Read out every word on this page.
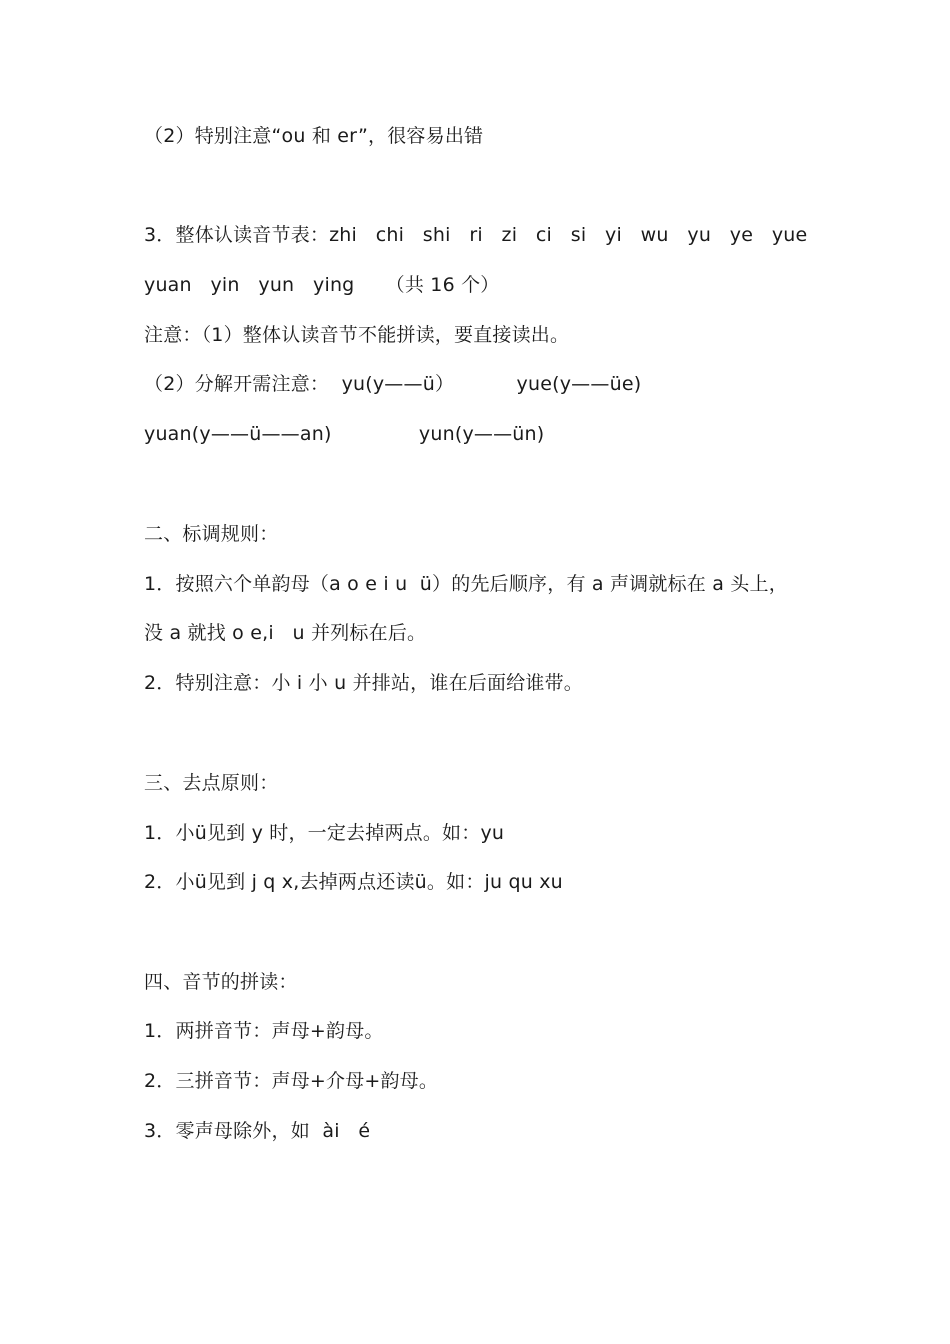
（2）特别注意“ou 和 er”，很容易出错
3．整体认读音节表：zhi   chi   shi   ri   zi   ci   si   yi   wu   yu   ye   yue
yuan   yin   yun   ying     （共 16 个）
注意：（1）整体认读音节不能拼读，要直接读出。
（2）分解开需注意：  yu(y——ü）          yue(y——üe)
yuan(y——ü——an)              yun(y——ün)
二、标调规则：
1．按照六个单韵母（a o e i u  ü）的先后顺序，有 a 声调就标在 a 头上，
没 a 就找 o e,i   u 并列标在后。
2．特别注意：小 i 小 u 并排站，谁在后面给谁带。
三、去点原则：
1．小ü见到 y 时，一定去掉两点。如：yu
2．小ü见到 j q x,去掉两点还读ü。如：ju qu xu
四、音节的拼读：
1．两拼音节：声母+韵母。
2．三拼音节：声母+介母+韵母。
3．零声母除外，如  ài   é
